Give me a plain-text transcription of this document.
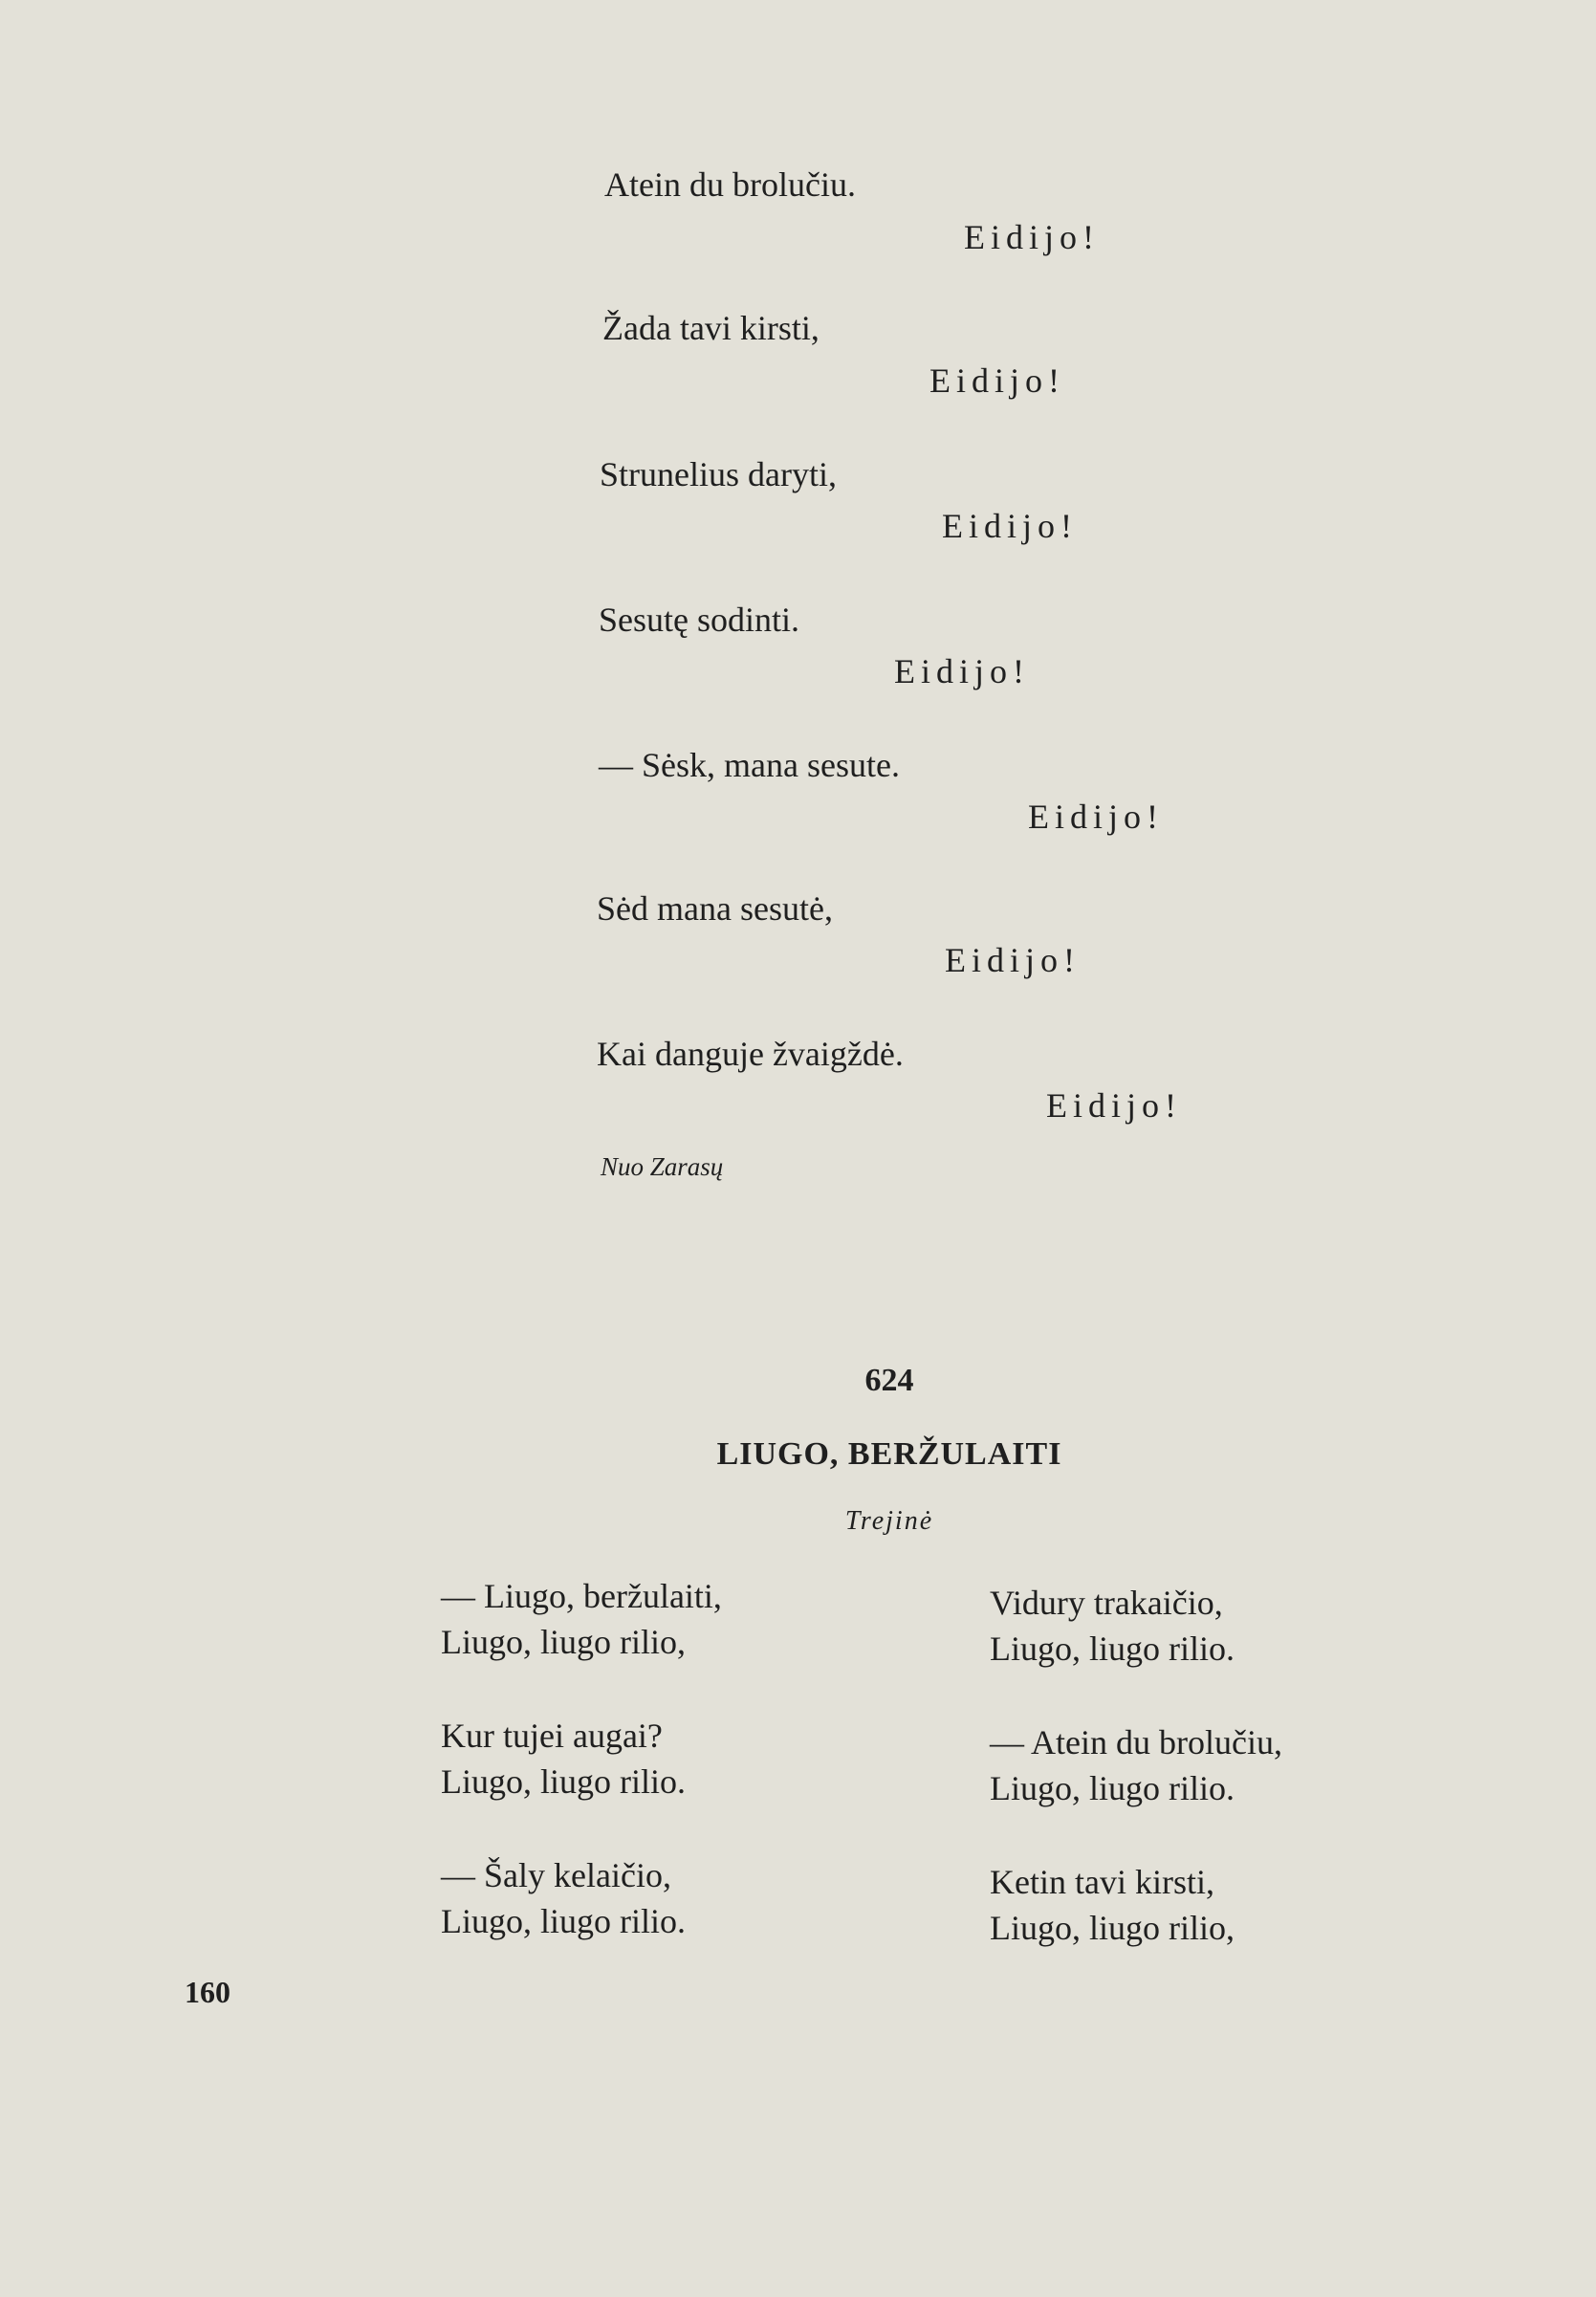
Atein du brolučiu.
Eidijo!
Žada tavi kirsti,
Eidijo!
Strunelius daryti,
Eidijo!
Sesutę sodinti.
Eidijo!
— Sėsk, mana sesute.
Eidijo!
Sėd mana sesutė,
Eidijo!
Kai danguje žvaigždė.
Eidijo!
Nuo Zarasų
624
LIUGO, BERŽULAITI
Trejinė
— Liugo, beržulaiti,
Liugo, liugo rilio,
Kur tujei augai?
Liugo, liugo rilio.
— Šaly kelaičio,
Liugo, liugo rilio.
Vidury trakaičio,
Liugo, liugo rilio.
— Atein du brolučiu,
Liugo, liugo rilio.
Ketin tavi kirsti,
Liugo, liugo rilio,
160
